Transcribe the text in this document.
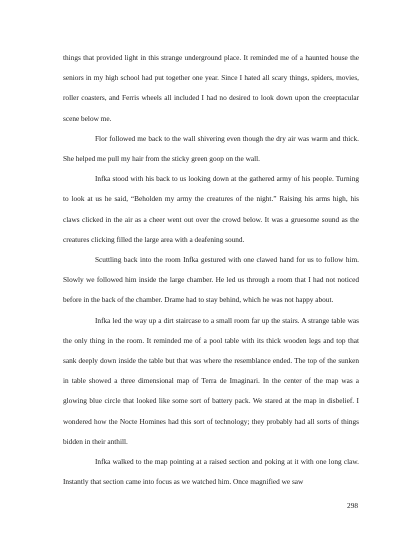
things that provided light in this strange underground place. It reminded me of a haunted house the seniors in my high school had put together one year. Since I hated all scary things, spiders, movies, roller coasters, and Ferris wheels all included I had no desired to look down upon the creeptacular scene below me.

Flor followed me back to the wall shivering even though the dry air was warm and thick. She helped me pull my hair from the sticky green goop on the wall.

Infka stood with his back to us looking down at the gathered army of his people. Turning to look at us he said, “Beholden my army the creatures of the night.” Raising his arms high, his claws clicked in the air as a cheer went out over the crowd below. It was a gruesome sound as the creatures clicking filled the large area with a deafening sound.

Scuttling back into the room Infka gestured with one clawed hand for us to follow him. Slowly we followed him inside the large chamber. He led us through a room that I had not noticed before in the back of the chamber. Drame had to stay behind, which he was not happy about.

Infka led the way up a dirt staircase to a small room far up the stairs. A strange table was the only thing in the room. It reminded me of a pool table with its thick wooden legs and top that sank deeply down inside the table but that was where the resemblance ended. The top of the sunken in table showed a three dimensional map of Terra de Imaginari. In the center of the map was a glowing blue circle that looked like some sort of battery pack. We stared at the map in disbelief. I wondered how the Nocte Homines had this sort of technology; they probably had all sorts of things bidden in their anthill.

Infka walked to the map pointing at a raised section and poking at it with one long claw. Instantly that section came into focus as we watched him. Once magnified we saw

298
